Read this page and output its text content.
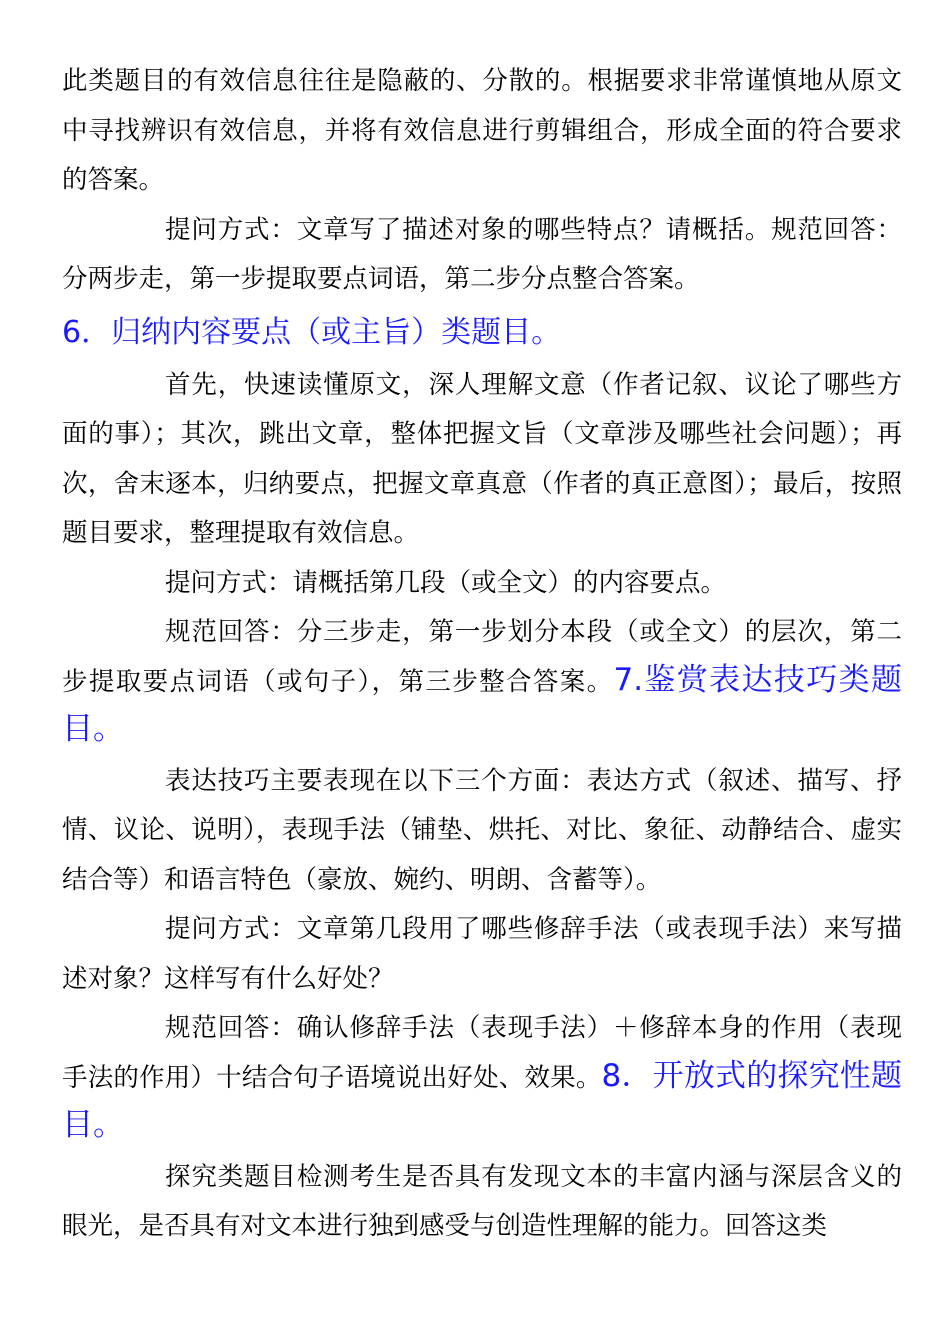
此类题目的有效信息往往是隐蔽的、分散的。根据要求非常谨慎地从原文中寻找辨识有效信息，并将有效信息进行剪辑组合，形成全面的符合要求的答案。

提问方式：文章写了描述对象的哪些特点？请概括。规范回答：分两步走，第一步提取要点词语，第二步分点整合答案。

6．归纳内容要点（或主旨）类题目。

首先，快速读懂原文，深人理解文意（作者记叙、议论了哪些方面的事）；其次，跳出文章，整体把握文旨（文章涉及哪些社会问题）；再次，舍末逐本，归纳要点，把握文章真意（作者的真正意图）；最后，按照题目要求，整理提取有效信息。

提问方式：请概括第几段（或全文）的内容要点。

规范回答：分三步走，第一步划分本段（或全文）的层次，第二步提取要点词语（或句子），第三步整合答案。7.鉴赏表达技巧类题目。

表达技巧主要表现在以下三个方面：表达方式（叙述、描写、抒情、议论、说明），表现手法（铺垫、烘托、对比、象征、动静结合、虚实结合等）和语言特色（豪放、婉约、明朗、含蓄等）。

提问方式：文章第几段用了哪些修辞手法（或表现手法）来写描述对象？这样写有什么好处？

规范回答：确认修辞手法（表现手法）＋修辞本身的作用（表现手法的作用）十结合句子语境说出好处、效果。8．开放式的探究性题目。

探究类题目检测考生是否具有发现文本的丰富内涵与深层含义的眼光，是否具有对文本进行独到感受与创造性理解的能力。回答这类
